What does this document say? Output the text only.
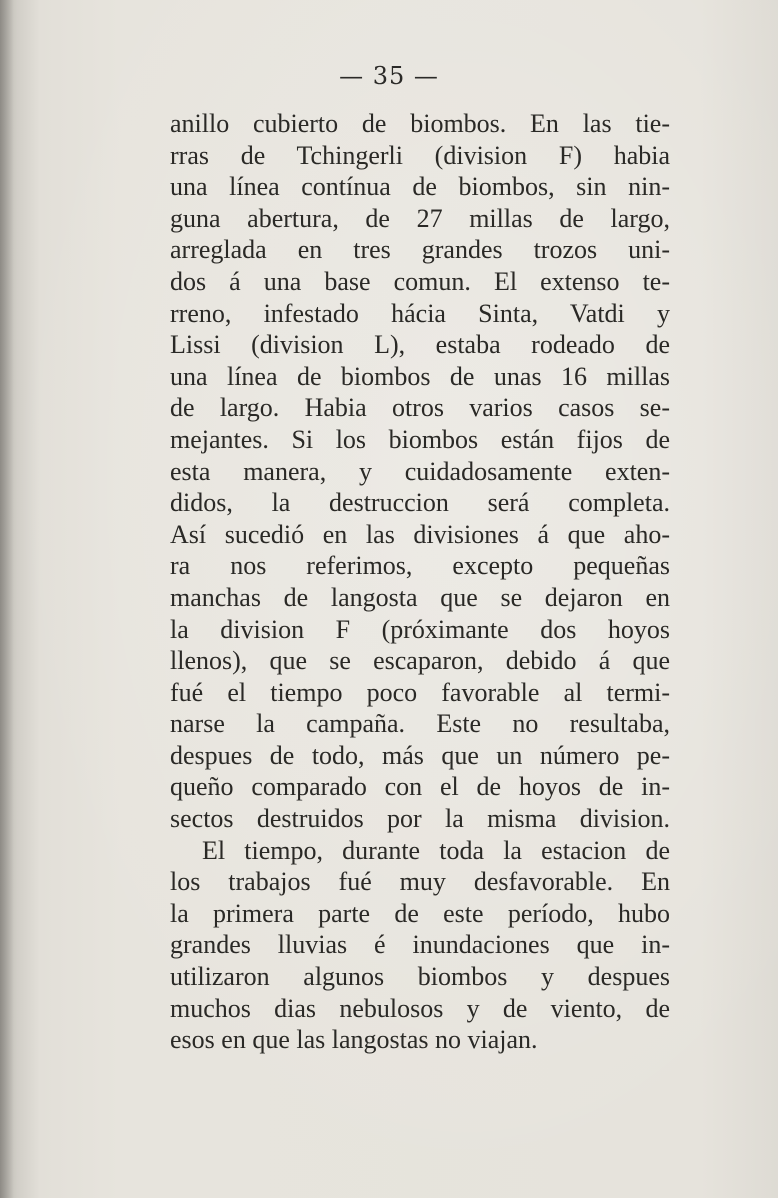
— 35 —
anillo cubierto de biombos. En las tie-
rras de Tchingerli (division F) habia
una línea contínua de biombos, sin nin-
guna abertura, de 27 millas de largo,
arreglada en tres grandes trozos uni-
dos á una base comun. El extenso te-
rreno, infestado hácia Sinta, Vatdi y
Lissi (division L), estaba rodeado de
una línea de biombos de unas 16 millas
de largo. Habia otros varios casos se-
mejantes. Si los biombos están fijos de
esta manera, y cuidadosamente exten-
didos, la destruccion será completa.
Así sucedió en las divisiones á que aho-
ra nos referimos, excepto pequeñas
manchas de langosta que se dejaron en
la division F (próximante dos hoyos
llenos), que se escaparon, debido á que
fué el tiempo poco favorable al termi-
narse la campaña. Este no resultaba,
despues de todo, más que un número pe-
queño comparado con el de hoyos de in-
sectos destruidos por la misma division.
El tiempo, durante toda la estacion de
los trabajos fué muy desfavorable. En
la primera parte de este período, hubo
grandes lluvias é inundaciones que in-
utilizaron algunos biombos y despues
muchos dias nebulosos y de viento, de
esos en que las langostas no viajan.
